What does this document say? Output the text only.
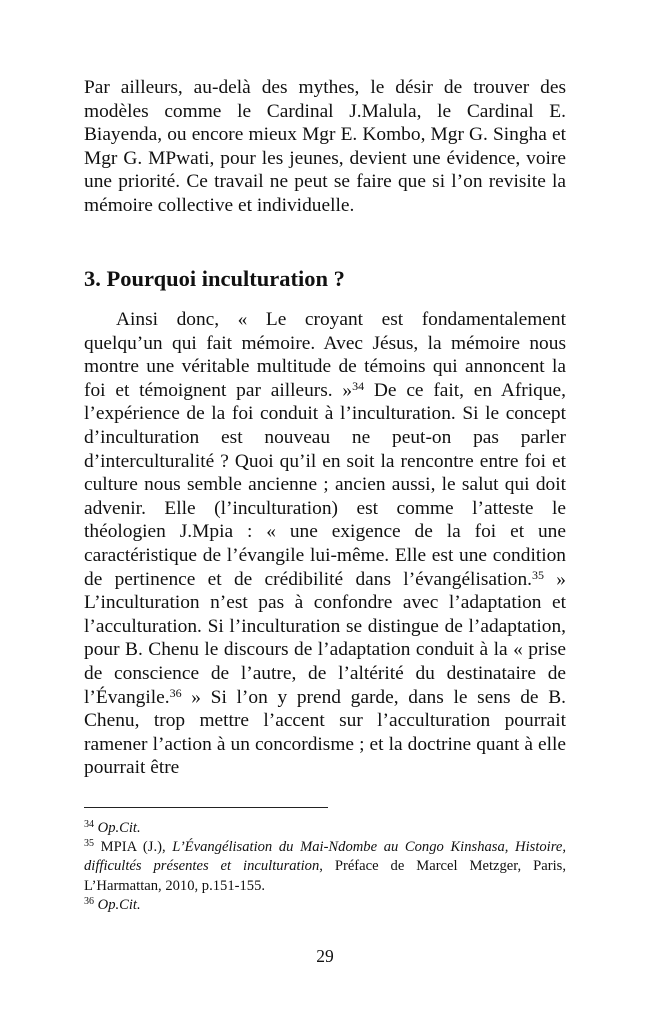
Par ailleurs, au-delà des mythes, le désir de trouver des modèles comme le Cardinal J.Malula, le Cardinal E. Biayenda, ou encore mieux Mgr E. Kombo, Mgr G. Singha et Mgr G. MPwati, pour les jeunes, devient une évidence, voire une priorité. Ce travail ne peut se faire que si l’on revisite la mémoire collective et individuelle.

3. Pourquoi inculturation ?

Ainsi donc, « Le croyant est fondamentalement quelqu’un qui fait mémoire. Avec Jésus, la mémoire nous montre une véritable multitude de témoins qui annoncent la foi et témoignent par ailleurs. »$^{34}$ De ce fait, en Afrique, l’expérience de la foi conduit à l’inculturation. Si le concept d’inculturation est nouveau ne peut-on pas parler d’interculturalité ? Quoi qu’il en soit la rencontre entre foi et culture nous semble ancienne ; ancien aussi, le salut qui doit advenir. Elle (l’inculturation) est comme l’atteste le théologien J.Mpia : « une exigence de la foi et une caractéristique de l’évangile lui-même. Elle est une condition de pertinence et de crédibilité dans l’évangélisation.$^{35}$ » L’inculturation n’est pas à confondre avec l’adaptation et l’acculturation. Si l’inculturation se distingue de l’adaptation, pour B. Chenu le discours de l’adaptation conduit à la « prise de conscience de l’autre, de l’altérité du destinataire de l’Évangile.$^{36}$ » Si l’on y prend garde, dans le sens de B. Chenu, trop mettre l’accent sur l’acculturation pourrait ramener l’action à un concordisme ; et la doctrine quant à elle pourrait être

$^{34}$ Op.Cit.

$^{35}$ MPIA (J.), L’Évangélisation du Mai-Ndombe au Congo Kinshasa, Histoire, difficultés présentes et inculturation, Préface de Marcel Metzger, Paris, L’Harmattan, 2010, p.151-155.

$^{36}$ Op.Cit.

29
